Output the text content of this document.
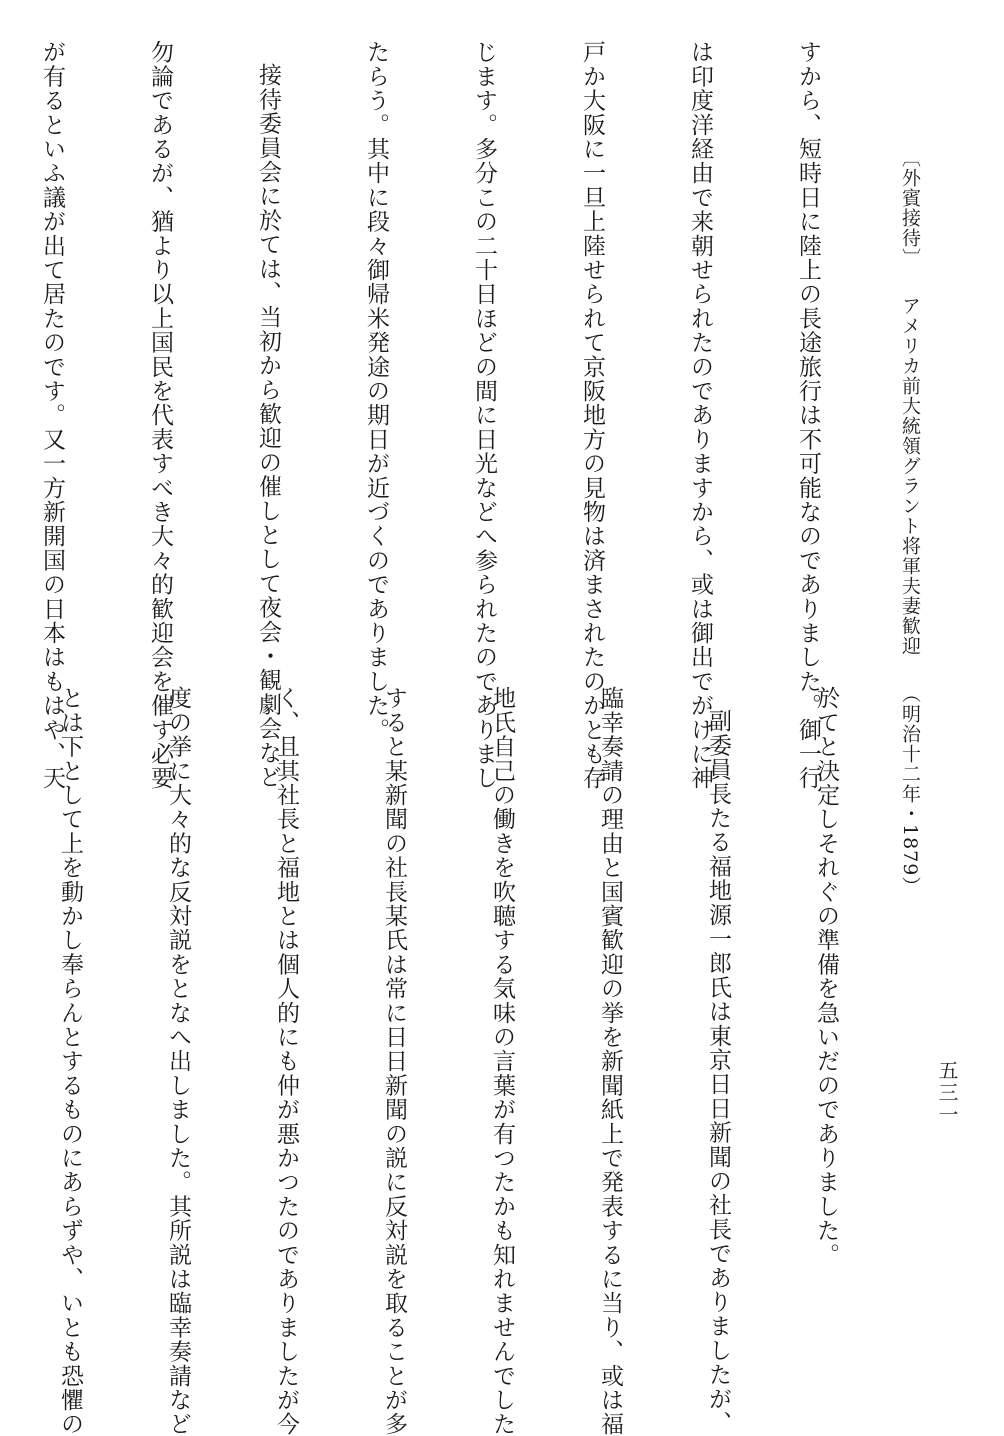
〔外賓接待〕アメリカ前大統領グラント将軍夫妻歓迎（明治十二年・1879）

五三一

すから、短時日に陸上の長途旅行は不可能なのでありました。御一行

は印度洋経由で来朝せられたのでありますから、或は御出でがけに神

戸か大阪に一旦上陸せられて京阪地方の見物は済まされたのかとも存

じます。多分この二十日ほどの間に日光などへ参られたのでありまし

たらう。其中に段々御帰米発途の期日が近づくのでありました。

接待委員会に於ては、当初から歓迎の催しとして夜会・観劇会など

勿論であるが、猶より以上国民を代表すべき大々的歓迎会を催す必要

が有るといふ議が出て居たのです。又一方新開国の日本はもはや、天

於てと決定しそれぐの準備を急いだのでありました。

副委員長たる福地源一郎氏は東京日日新聞の社長でありましたが、

臨幸奏請の理由と国賓歓迎の挙を新聞紙上で発表するに当り、或は福

地氏自己の働きを吹聴する気味の言葉が有つたかも知れませんでした

すると某新聞の社長某氏は常に日日新聞の説に反対説を取ることが多

く、且其社長と福地とは個人的にも仲が悪かつたのでありましたが今

度の挙に大々的な反対説をとなへ出しました。其所説は臨幸奏請など

とは下として上を動かし奉らんとするものにあらずや、いとも恐懼の
